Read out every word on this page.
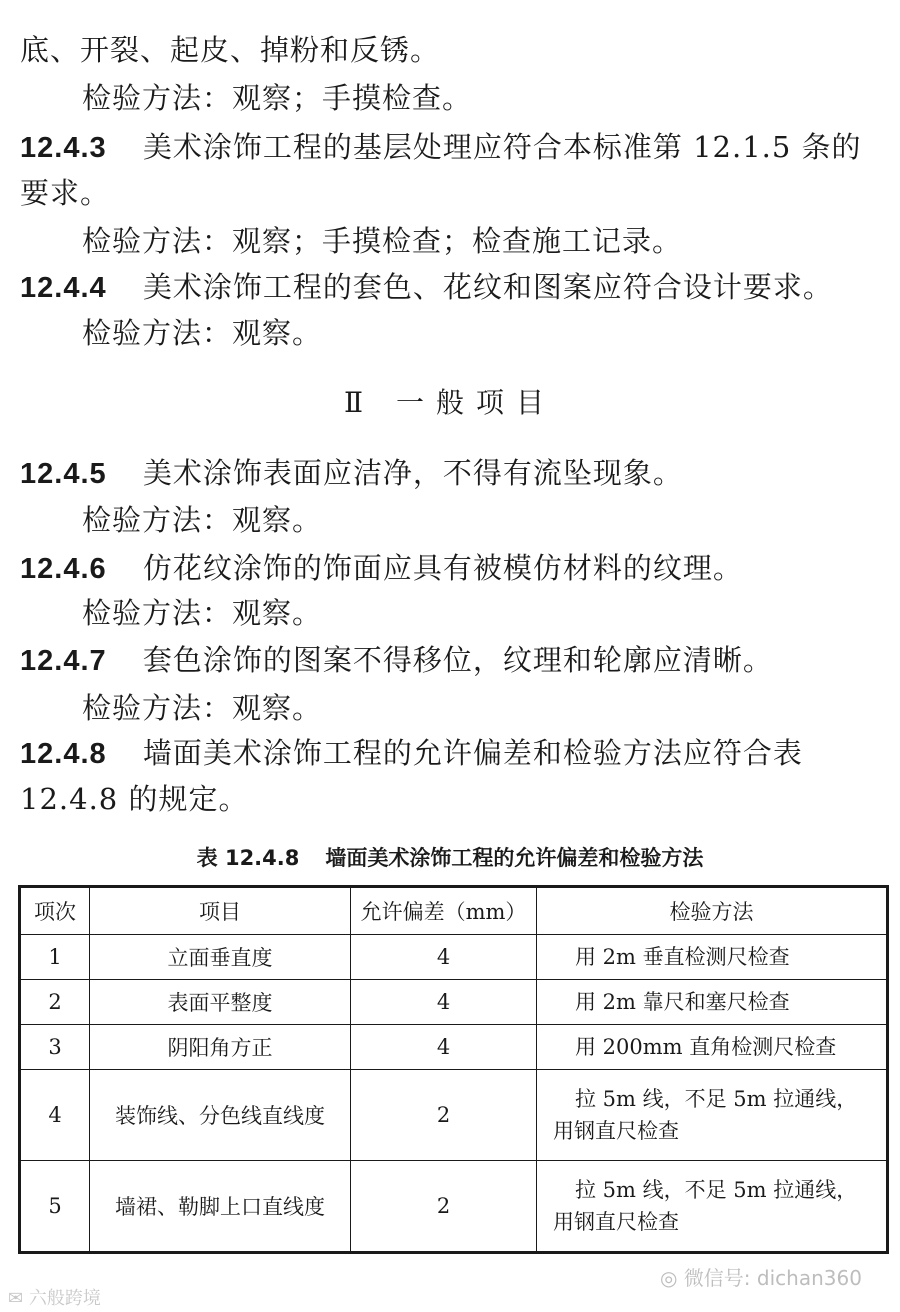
底、开裂、起皮、掉粉和反锈。
检验方法：观察；手摸检查。
12.4.3 美术涂饰工程的基层处理应符合本标准第 12.1.5 条的
要求。
检验方法：观察；手摸检查；检查施工记录。
12.4.4 美术涂饰工程的套色、花纹和图案应符合设计要求。
检验方法：观察。
Ⅱ 一般项目
12.4.5 美术涂饰表面应洁净，不得有流坠现象。
检验方法：观察。
12.4.6 仿花纹涂饰的饰面应具有被模仿材料的纹理。
检验方法：观察。
12.4.7 套色涂饰的图案不得移位，纹理和轮廓应清晰。
检验方法：观察。
12.4.8 墙面美术涂饰工程的允许偏差和检验方法应符合表
12.4.8 的规定。
表 12.4.8 墙面美术涂饰工程的允许偏差和检验方法
项次	项目	允许偏差（mm）	检验方法
1	立面垂直度	4	用 2m 垂直检测尺检查
2	表面平整度	4	用 2m 靠尺和塞尺检查
3	阴阳角方正	4	用 200mm 直角检测尺检查
4	装饰线、分色线直线度	2	拉 5m 线，不足 5m 拉通线，
用钢直尺检查
5	墙裙、勒脚上口直线度	2	拉 5m 线，不足 5m 拉通线，
用钢直尺检查
✉ 六般跨境
◎ 微信号: dichan360
